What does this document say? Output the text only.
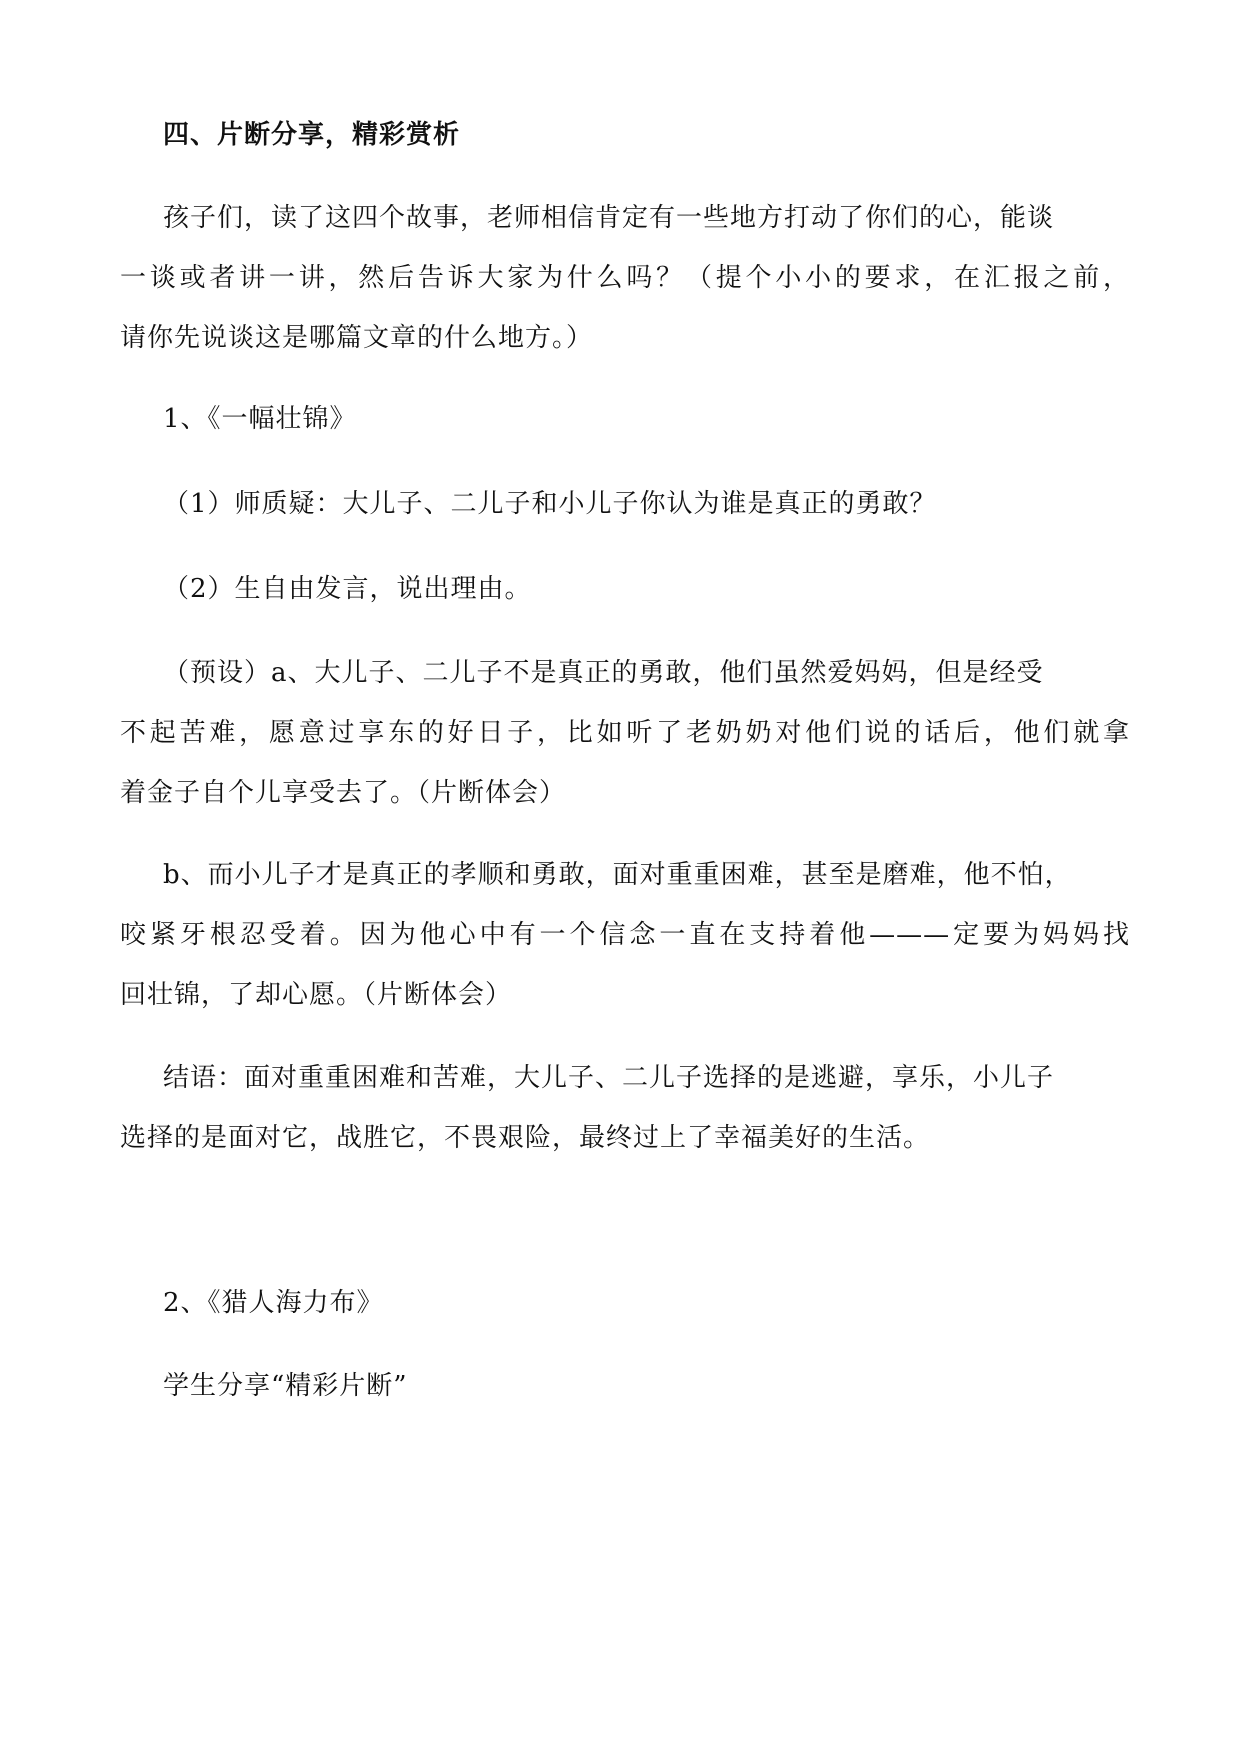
四、片断分享，精彩赏析
孩子们，读了这四个故事，老师相信肯定有一些地方打动了你们的心，能谈
一谈或者讲一讲，然后告诉大家为什么吗？（提个小小的要求，在汇报之前，
请你先说谈这是哪篇文章的什么地方。）
1、《一幅壮锦》
（1）师质疑：大儿子、二儿子和小儿子你认为谁是真正的勇敢？
（2）生自由发言，说出理由。
（预设）a、大儿子、二儿子不是真正的勇敢，他们虽然爱妈妈，但是经受
不起苦难，愿意过享东的好日子，比如听了老奶奶对他们说的话后，他们就拿
着金子自个儿享受去了。（片断体会）
b、而小儿子才是真正的孝顺和勇敢，面对重重困难，甚至是磨难，他不怕，
咬紧牙根忍受着。因为他心中有一个信念一直在支持着他———定要为妈妈找
回壮锦，了却心愿。（片断体会）
结语：面对重重困难和苦难，大儿子、二儿子选择的是逃避，享乐，小儿子
选择的是面对它，战胜它，不畏艰险，最终过上了幸福美好的生活。
2、《猎人海力布》
学生分享“精彩片断”
